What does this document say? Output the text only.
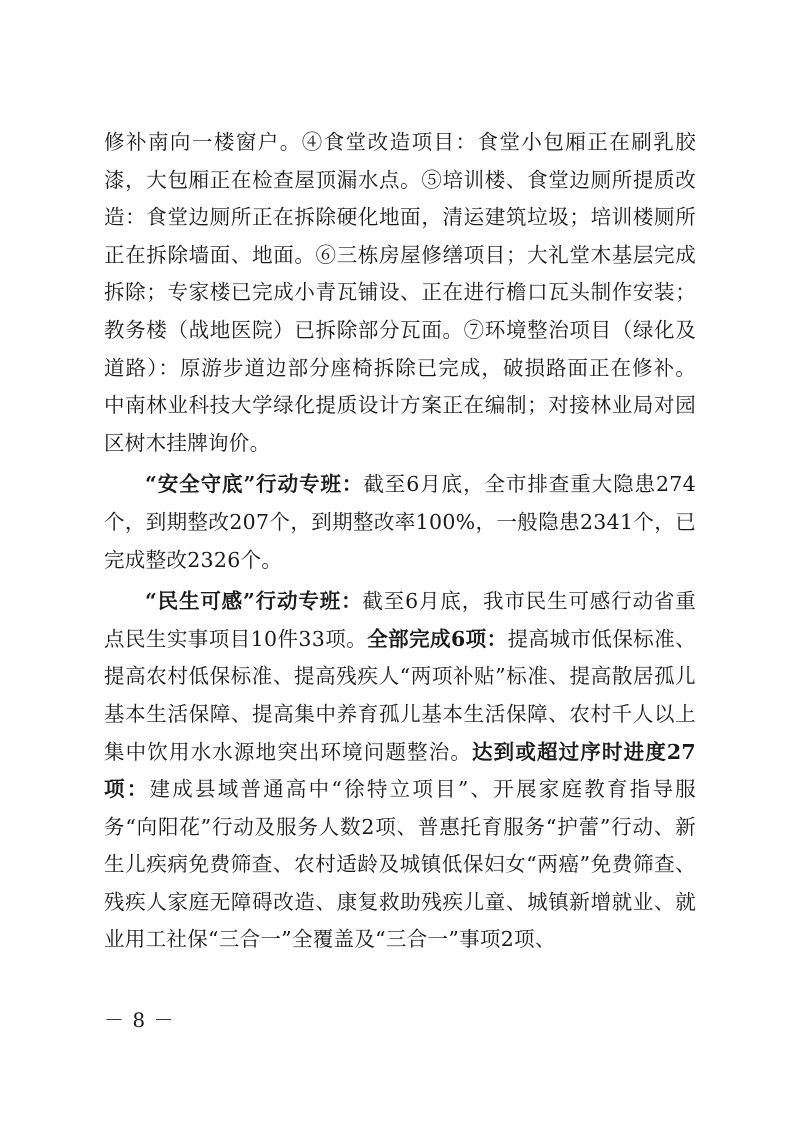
修补南向一楼窗户。④食堂改造项目：食堂小包厢正在刷乳胶漆，大包厢正在检查屋顶漏水点。⑤培训楼、食堂边厕所提质改造：食堂边厕所正在拆除硬化地面，清运建筑垃圾；培训楼厕所正在拆除墙面、地面。⑥三栋房屋修缮项目；大礼堂木基层完成拆除；专家楼已完成小青瓦铺设、正在进行檐口瓦头制作安装；教务楼（战地医院）已拆除部分瓦面。⑦环境整治项目（绿化及道路）：原游步道边部分座椅拆除已完成，破损路面正在修补。中南林业科技大学绿化提质设计方案正在编制；对接林业局对园区树木挂牌询价。

“安全守底”行动专班：截至6月底，全市排查重大隐患274个，到期整改207个，到期整改率100%，一般隐患2341个，已完成整改2326个。

“民生可感”行动专班：截至6月底，我市民生可感行动省重点民生实事项目10件33项。全部完成6项：提高城市低保标准、提高农村低保标准、提高残疾人“两项补贴”标准、提高散居孤儿基本生活保障、提高集中养育孤儿基本生活保障、农村千人以上集中饮用水水源地突出环境问题整治。达到或超过序时进度27项：建成县域普通高中“徐特立项目”、开展家庭教育指导服务“向阳花”行动及服务人数2项、普惠托育服务“护蕾”行动、新生儿疾病免费筛查、农村适龄及城镇低保妇女“两癌”免费筛查、残疾人家庭无障碍改造、康复救助残疾儿童、城镇新增就业、就业用工社保“三合一”全覆盖及“三合一”事项2项、

－ 8 －
